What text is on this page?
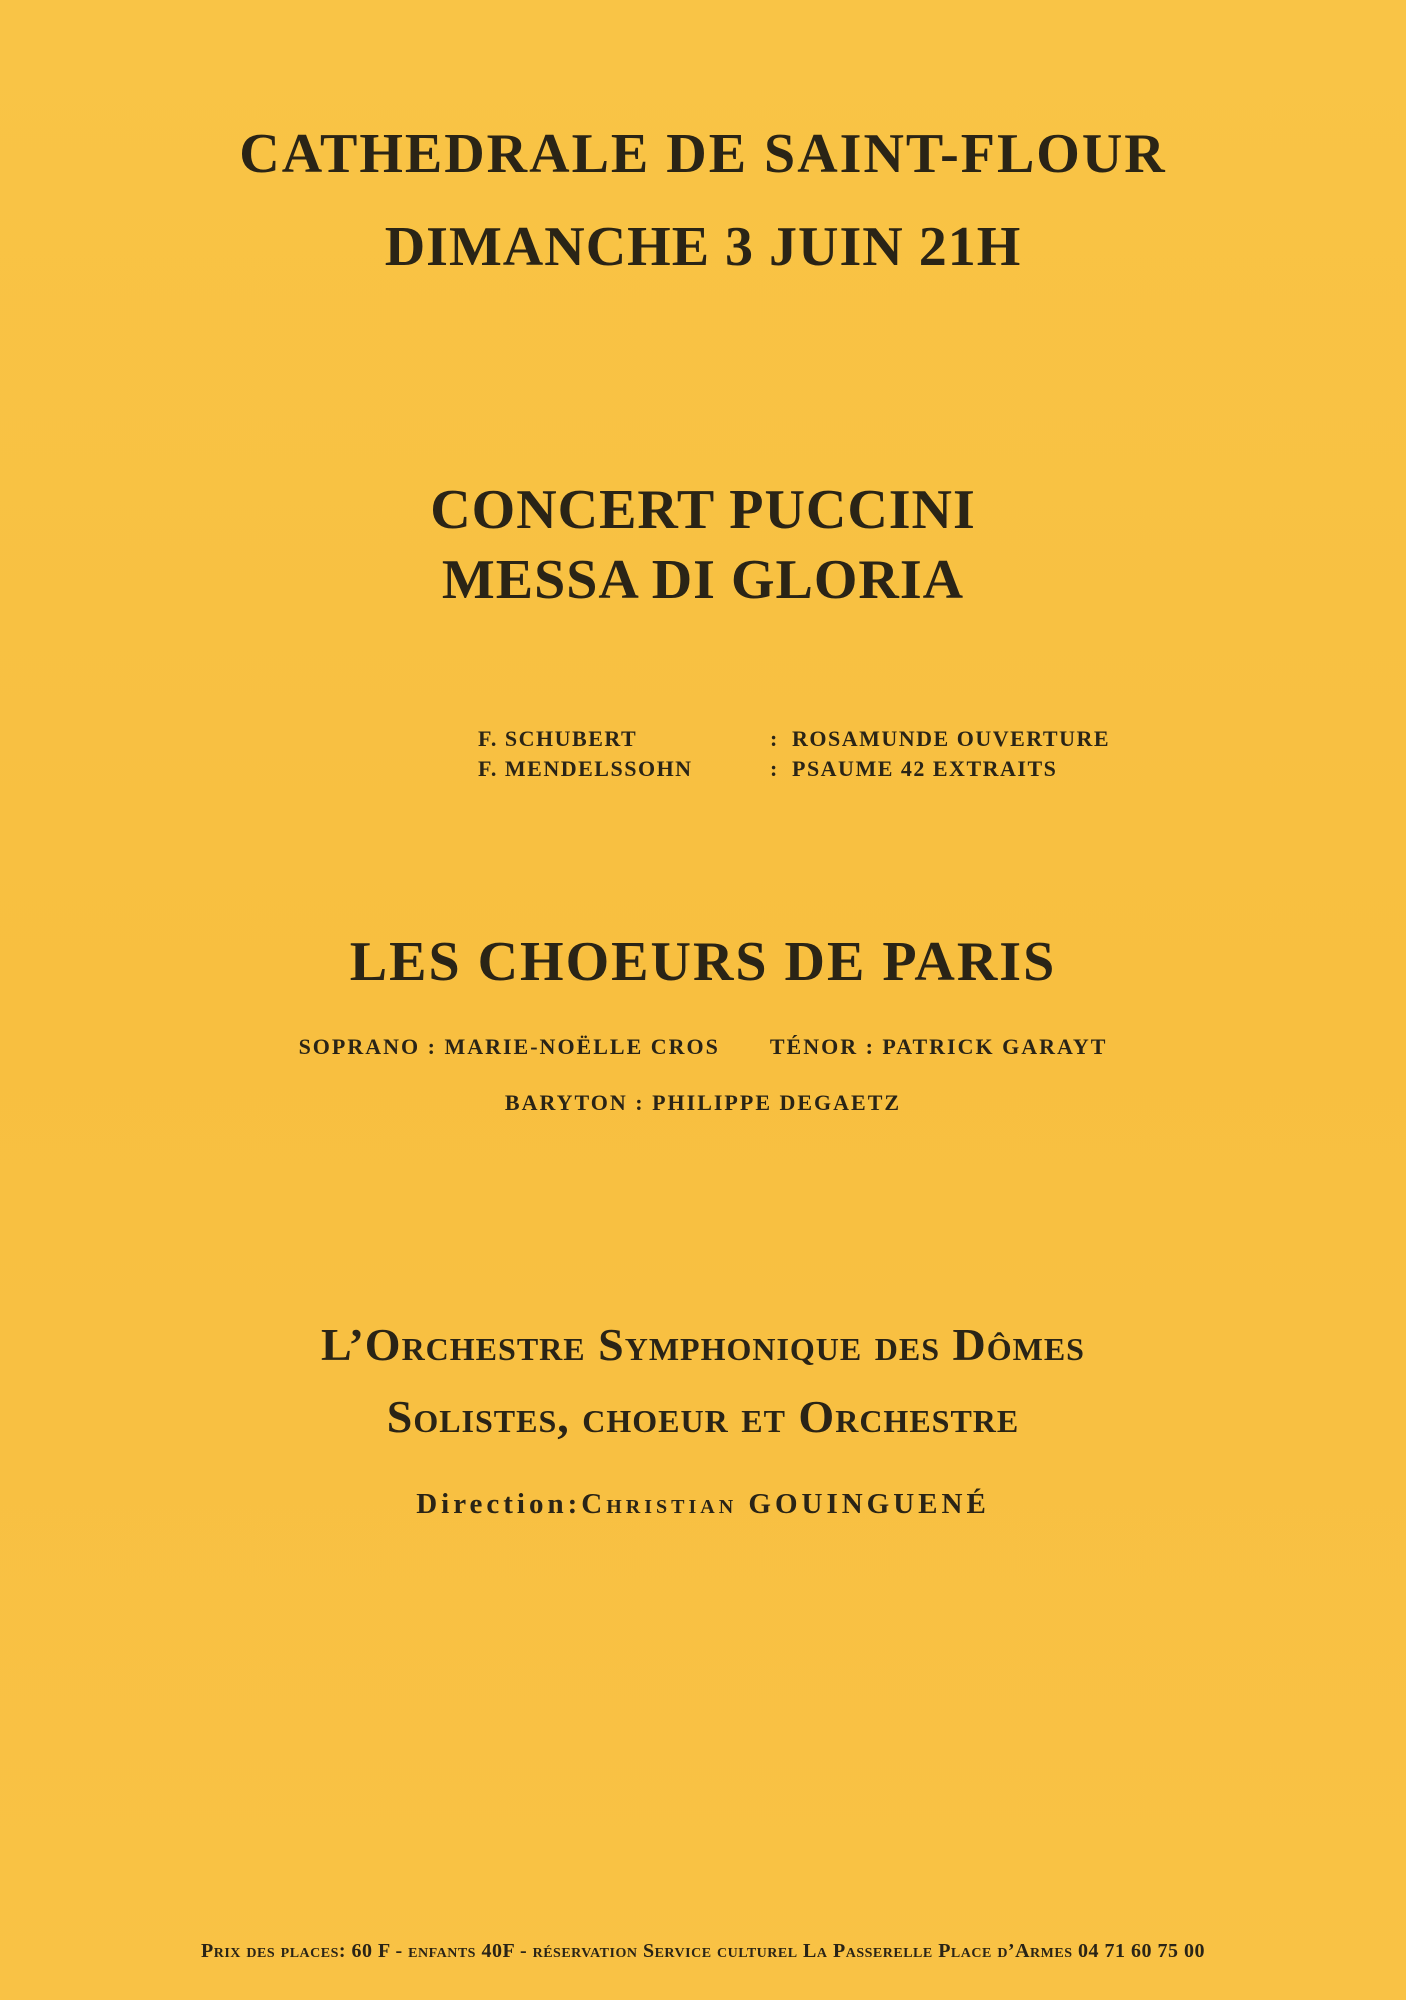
CATHEDRALE DE SAINT-FLOUR
DIMANCHE 3 JUIN 21H
CONCERT PUCCINI
MESSA DI GLORIA
F. SCHUBERT	: ROSAMUNDE OUVERTURE
F. MENDELSSOHN	: PSAUME 42 EXTRAITS
LES CHOEURS DE PARIS
SOPRANO : MARIE-NOËLLE CROS TÉNOR : PATRICK GARAYT
BARYTON : PHILIPPE DEGAETZ
L’Orchestre Symphonique des Dômes
Solistes, choeur et Orchestre
Direction:Christian GOUINGUENÉ
Prix des places: 60 F - enfants 40F - réservation Service culturel La Passerelle Place d’Armes 04 71 60 75 00
